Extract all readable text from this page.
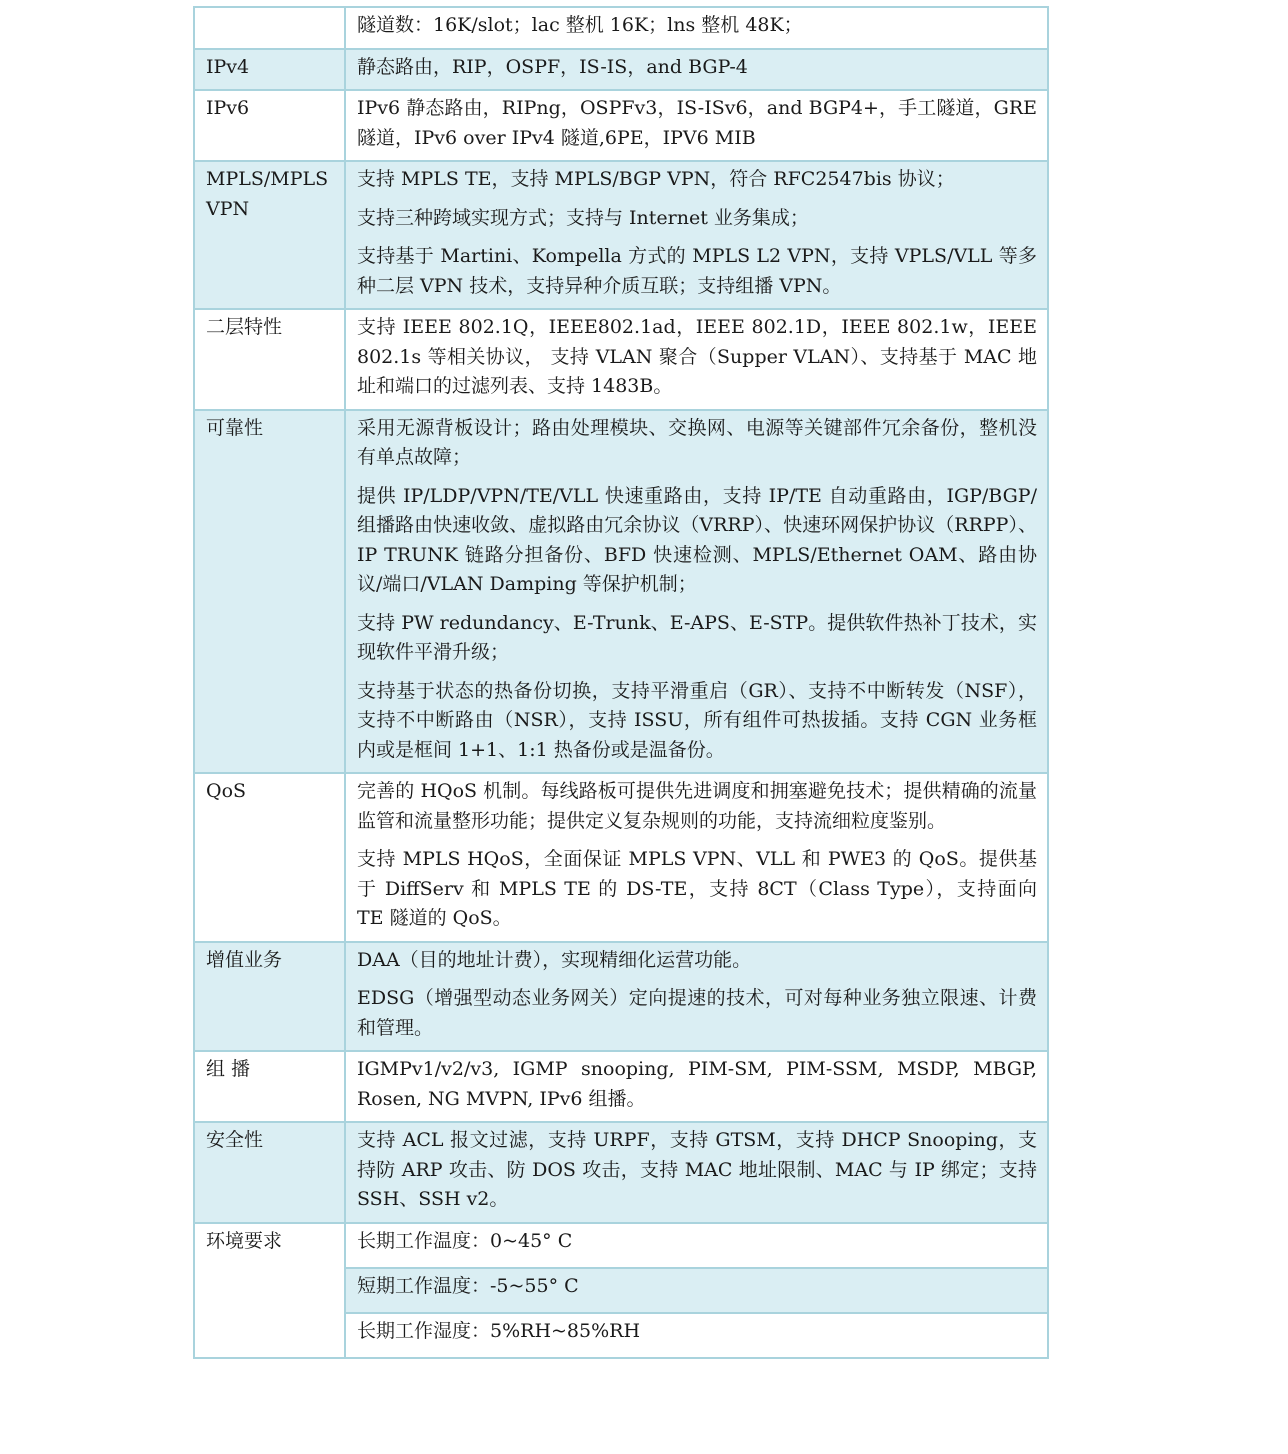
	隧道数：16K/slot；lac 整机 16K；lns 整机 48K；

IPv4	静态路由，RIP，OSPF，IS-IS，and BGP-4

IPv6	IPv6 静态路由，RIPng，OSPFv3，IS-ISv6，and BGP4+，手工隧道，GRE 隧道，IPv6 over IPv4 隧道,6PE，IPV6 MIB

MPLS/MPLS VPN	支持 MPLS TE，支持 MPLS/BGP VPN，符合 RFC2547bis 协议；
支持三种跨域实现方式；支持与 Internet 业务集成；
支持基于 Martini、Kompella 方式的 MPLS L2 VPN，支持 VPLS/VLL 等多种二层 VPN 技术，支持异种介质互联；支持组播 VPN。

二层特性	支持 IEEE 802.1Q，IEEE802.1ad，IEEE 802.1D，IEEE 802.1w，IEEE 802.1s 等相关协议， 支持 VLAN 聚合（Supper VLAN）、支持基于 MAC 地址和端口的过滤列表、支持 1483B。

可靠性	采用无源背板设计；路由处理模块、交换网、电源等关键部件冗余备份，整机没有单点故障；
提供 IP/LDP/VPN/TE/VLL 快速重路由，支持 IP/TE 自动重路由，IGP/BGP/组播路由快速收敛、虚拟路由冗余协议（VRRP）、快速环网保护协议（RRPP）、IP TRUNK 链路分担备份、BFD 快速检测、MPLS/Ethernet OAM、路由协议/端口/VLAN Damping 等保护机制；
支持 PW redundancy、E-Trunk、E-APS、E-STP。提供软件热补丁技术，实现软件平滑升级；
支持基于状态的热备份切换，支持平滑重启（GR）、支持不中断转发（NSF），支持不中断路由（NSR），支持 ISSU，所有组件可热拔插。支持 CGN 业务框内或是框间 1+1、1:1 热备份或是温备份。

QoS	完善的 HQoS 机制。每线路板可提供先进调度和拥塞避免技术；提供精确的流量监管和流量整形功能；提供定义复杂规则的功能，支持流细粒度鉴别。
支持 MPLS HQoS，全面保证 MPLS VPN、VLL 和 PWE3 的 QoS。提供基于 DiffServ 和 MPLS TE 的 DS-TE，支持 8CT（Class Type），支持面向 TE 隧道的 QoS。

增值业务	DAA（目的地址计费），实现精细化运营功能。
EDSG（增强型动态业务网关）定向提速的技术，可对每种业务独立限速、计费和管理。

组 播	IGMPv1/v2/v3, IGMP snooping, PIM-SM, PIM-SSM, MSDP, MBGP, Rosen, NG MVPN, IPv6 组播。

安全性	支持 ACL 报文过滤，支持 URPF，支持 GTSM，支持 DHCP Snooping，支持防 ARP 攻击、防 DOS 攻击，支持 MAC 地址限制、MAC 与 IP 绑定；支持 SSH、SSH v2。

环境要求	长期工作温度：0~45° C
	短期工作温度：-5~55° C
	长期工作湿度：5%RH~85%RH
